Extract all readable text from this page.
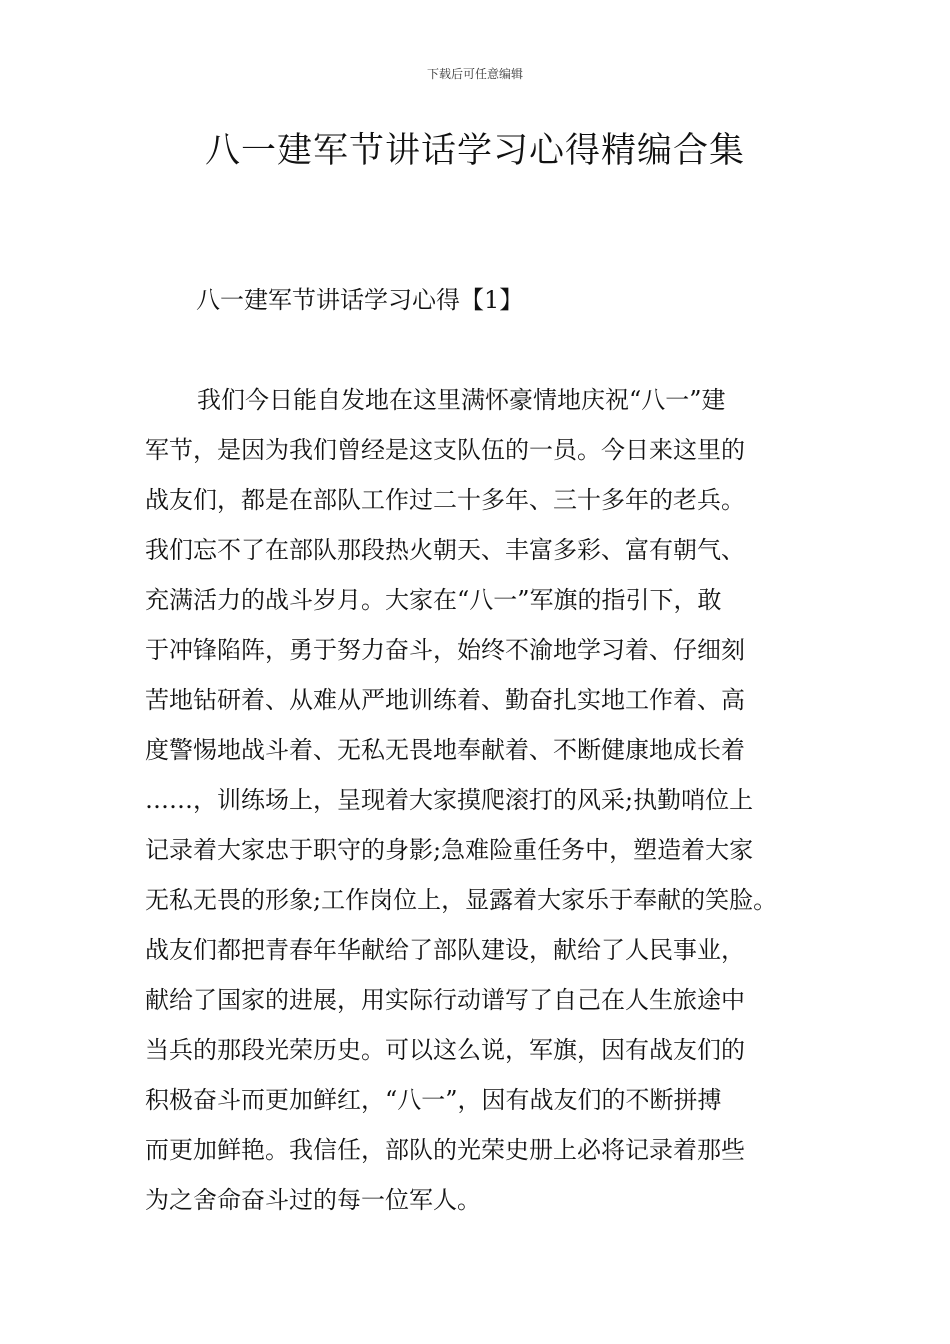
下载后可任意编辑
八一建军节讲话学习心得精编合集
八一建军节讲话学习心得【1】
我们今日能自发地在这里满怀豪情地庆祝“八一”建
军节，是因为我们曾经是这支队伍的一员。今日来这里的
战友们，都是在部队工作过二十多年、三十多年的老兵。
我们忘不了在部队那段热火朝天、丰富多彩、富有朝气、
充满活力的战斗岁月。大家在“八一”军旗的指引下，敢
于冲锋陷阵，勇于努力奋斗，始终不渝地学习着、仔细刻
苦地钻研着、从难从严地训练着、勤奋扎实地工作着、高
度警惕地战斗着、无私无畏地奉献着、不断健康地成长着
……，训练场上，呈现着大家摸爬滚打的风采;执勤哨位上
记录着大家忠于职守的身影;急难险重任务中，塑造着大家
无私无畏的形象;工作岗位上，显露着大家乐于奉献的笑脸。
战友们都把青春年华献给了部队建设，献给了人民事业，
献给了国家的进展，用实际行动谱写了自己在人生旅途中
当兵的那段光荣历史。可以这么说，军旗，因有战友们的
积极奋斗而更加鲜红，“八一”，因有战友们的不断拼搏
而更加鲜艳。我信任，部队的光荣史册上必将记录着那些
为之舍命奋斗过的每一位军人。
